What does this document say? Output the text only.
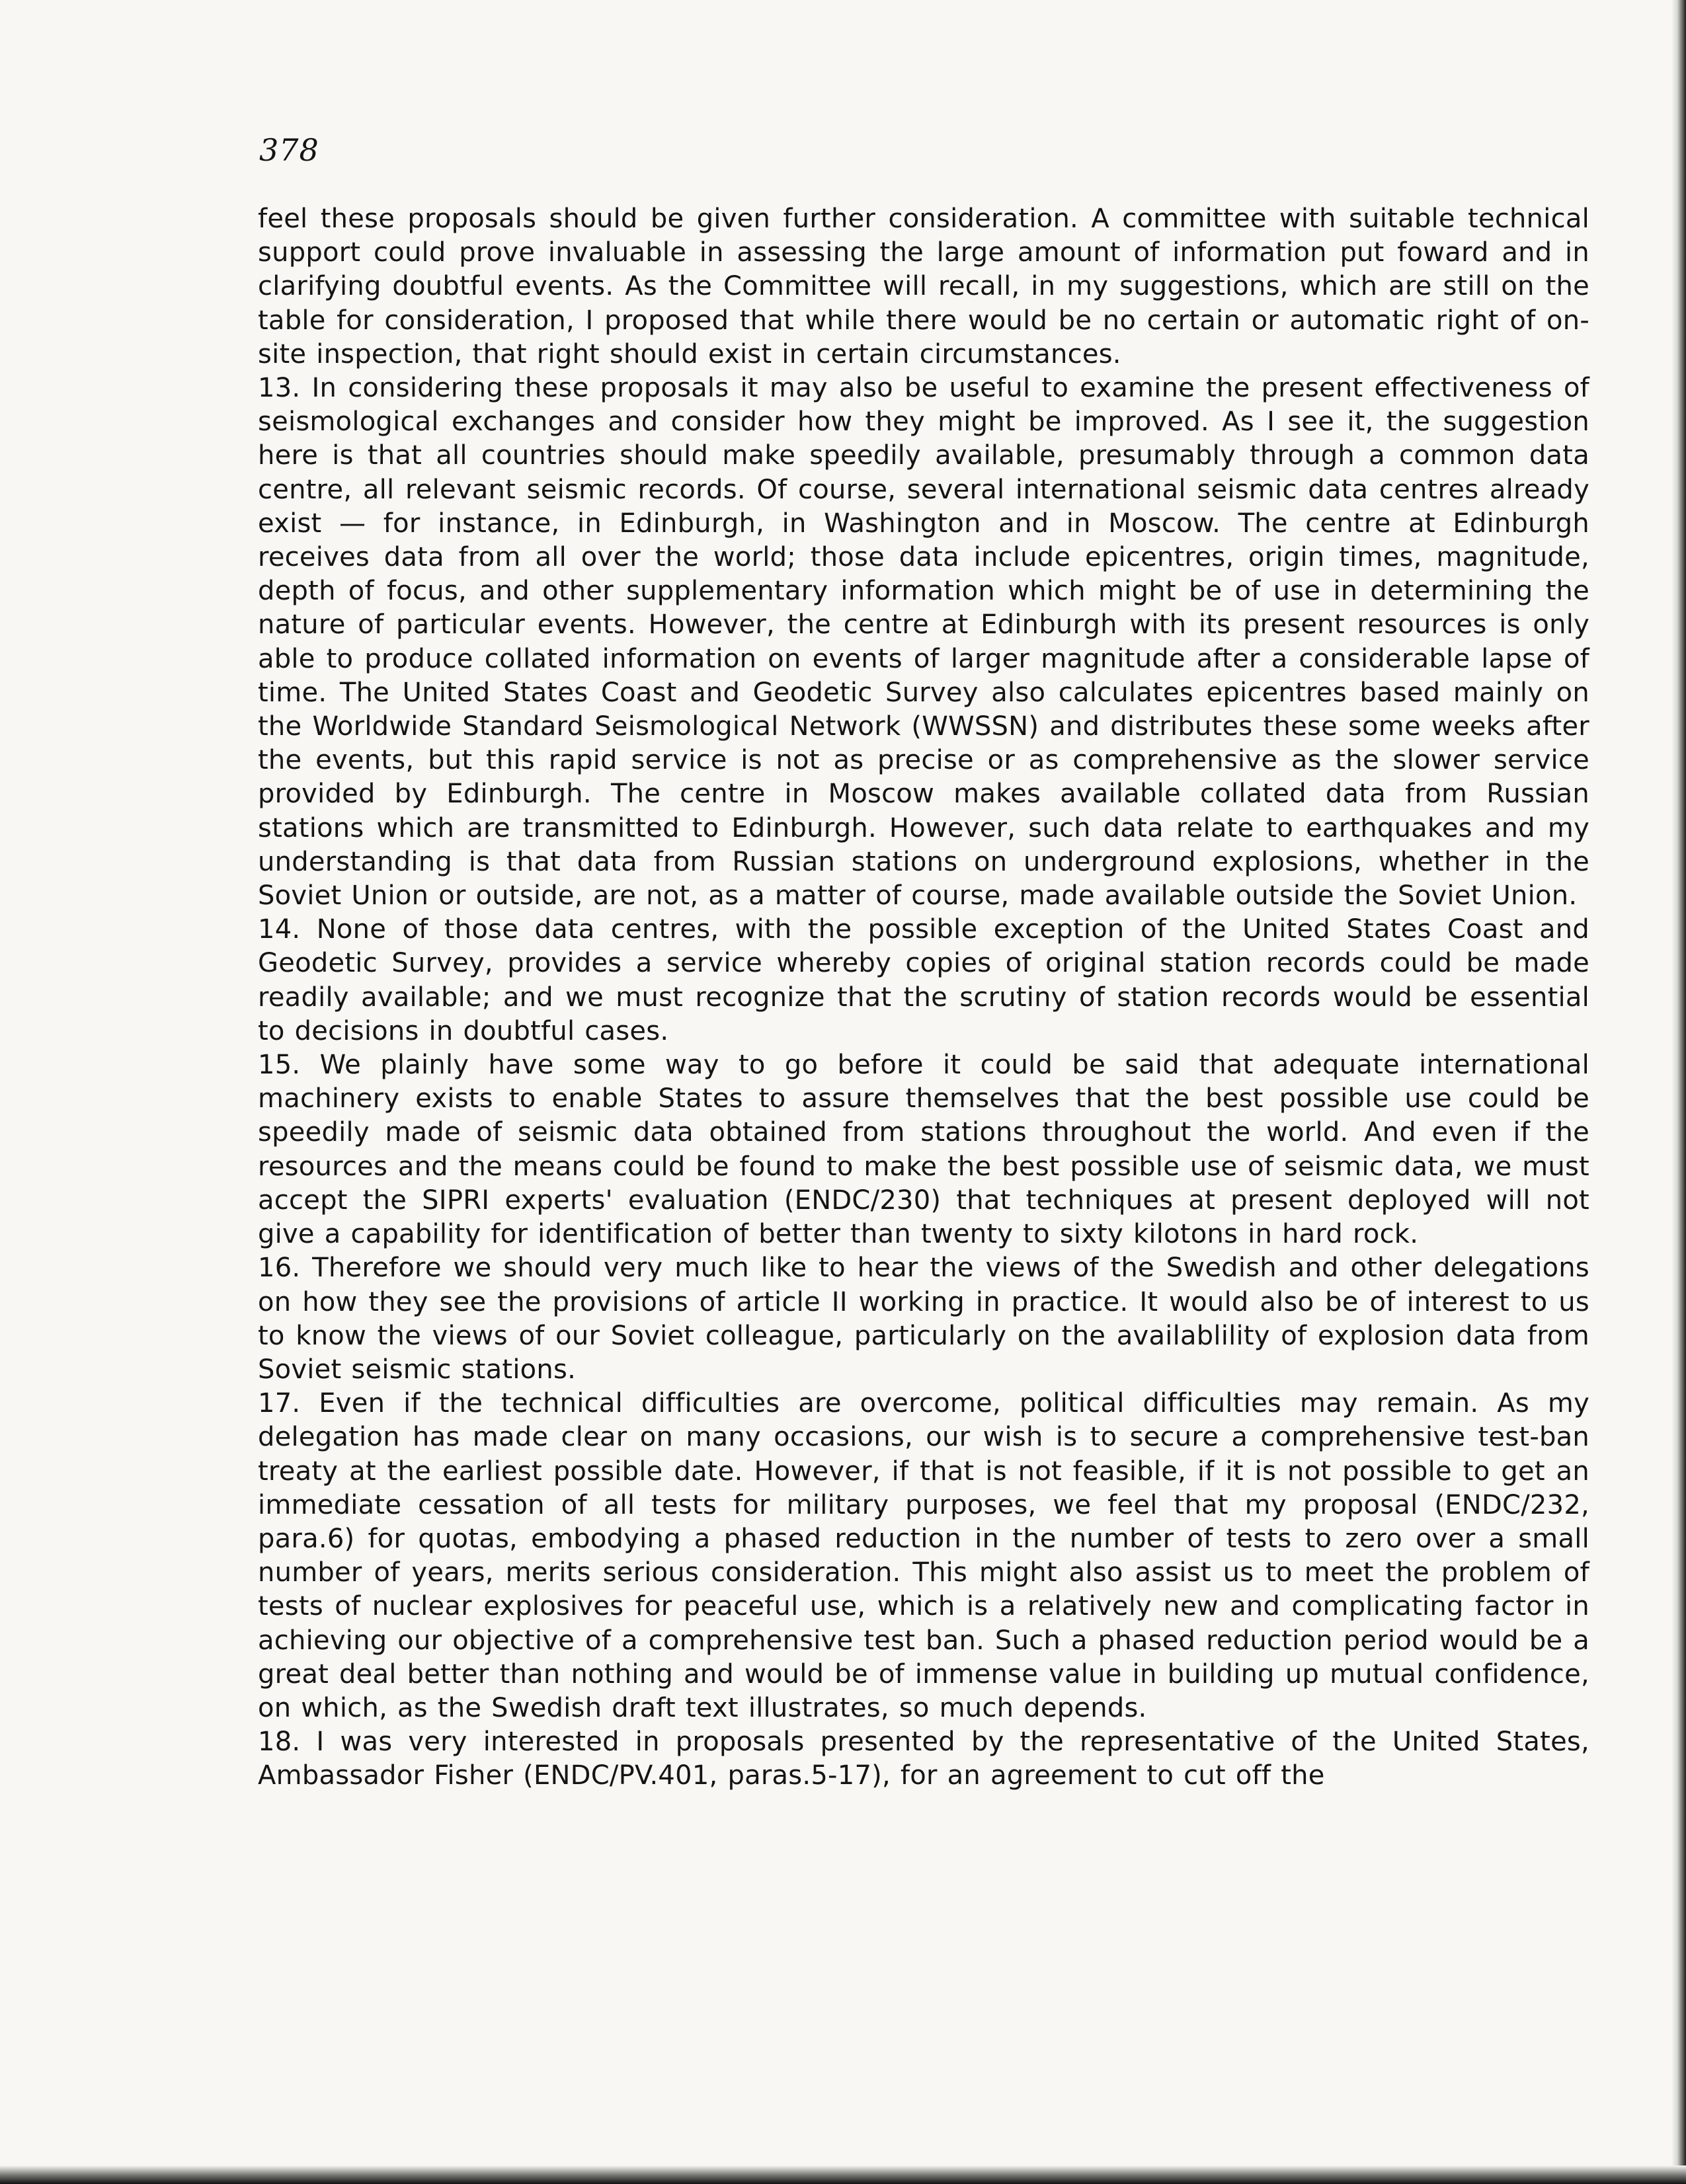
378

feel these proposals should be given further consideration. A committee with suitable technical support could prove invaluable in assessing the large amount of information put foward and in clarifying doubtful events. As the Committee will recall, in my suggestions, which are still on the table for consideration, I proposed that while there would be no certain or automatic right of on-site inspection, that right should exist in certain circumstances.

13. In considering these proposals it may also be useful to examine the present effectiveness of seismological exchanges and consider how they might be improved. As I see it, the suggestion here is that all countries should make speedily available, presumably through a common data centre, all relevant seismic records. Of course, several international seismic data centres already exist — for instance, in Edinburgh, in Washington and in Moscow. The centre at Edinburgh receives data from all over the world; those data include epicentres, origin times, magnitude, depth of focus, and other supplementary information which might be of use in determining the nature of particular events. However, the centre at Edinburgh with its present resources is only able to produce collated information on events of larger magnitude after a considerable lapse of time. The United States Coast and Geodetic Survey also calculates epicentres based mainly on the Worldwide Standard Seismological Network (WWSSN) and distributes these some weeks after the events, but this rapid service is not as precise or as comprehensive as the slower service provided by Edinburgh. The centre in Moscow makes available collated data from Russian stations which are transmitted to Edinburgh. However, such data relate to earthquakes and my understanding is that data from Russian stations on underground explosions, whether in the Soviet Union or outside, are not, as a matter of course, made available outside the Soviet Union.

14. None of those data centres, with the possible exception of the United States Coast and Geodetic Survey, provides a service whereby copies of original station records could be made readily available; and we must recognize that the scrutiny of station records would be essential to decisions in doubtful cases.

15. We plainly have some way to go before it could be said that adequate international machinery exists to enable States to assure themselves that the best possible use could be speedily made of seismic data obtained from stations throughout the world. And even if the resources and the means could be found to make the best possible use of seismic data, we must accept the SIPRI experts' evaluation (ENDC/230) that techniques at present deployed will not give a capability for identification of better than twenty to sixty kilotons in hard rock.

16. Therefore we should very much like to hear the views of the Swedish and other delegations on how they see the provisions of article II working in practice. It would also be of interest to us to know the views of our Soviet colleague, particularly on the availablility of explosion data from Soviet seismic stations.

17. Even if the technical difficulties are overcome, political difficulties may remain. As my delegation has made clear on many occasions, our wish is to secure a comprehensive test-ban treaty at the earliest possible date. However, if that is not feasible, if it is not possible to get an immediate cessation of all tests for military purposes, we feel that my proposal (ENDC/232, para.6) for quotas, embodying a phased reduction in the number of tests to zero over a small number of years, merits serious consideration. This might also assist us to meet the problem of tests of nuclear explosives for peaceful use, which is a relatively new and complicating factor in achieving our objective of a comprehensive test ban. Such a phased reduction period would be a great deal better than nothing and would be of immense value in building up mutual confidence, on which, as the Swedish draft text illustrates, so much depends.

18. I was very interested in proposals presented by the representative of the United States, Ambassador Fisher (ENDC/PV.401, paras.5-17), for an agreement to cut off the
